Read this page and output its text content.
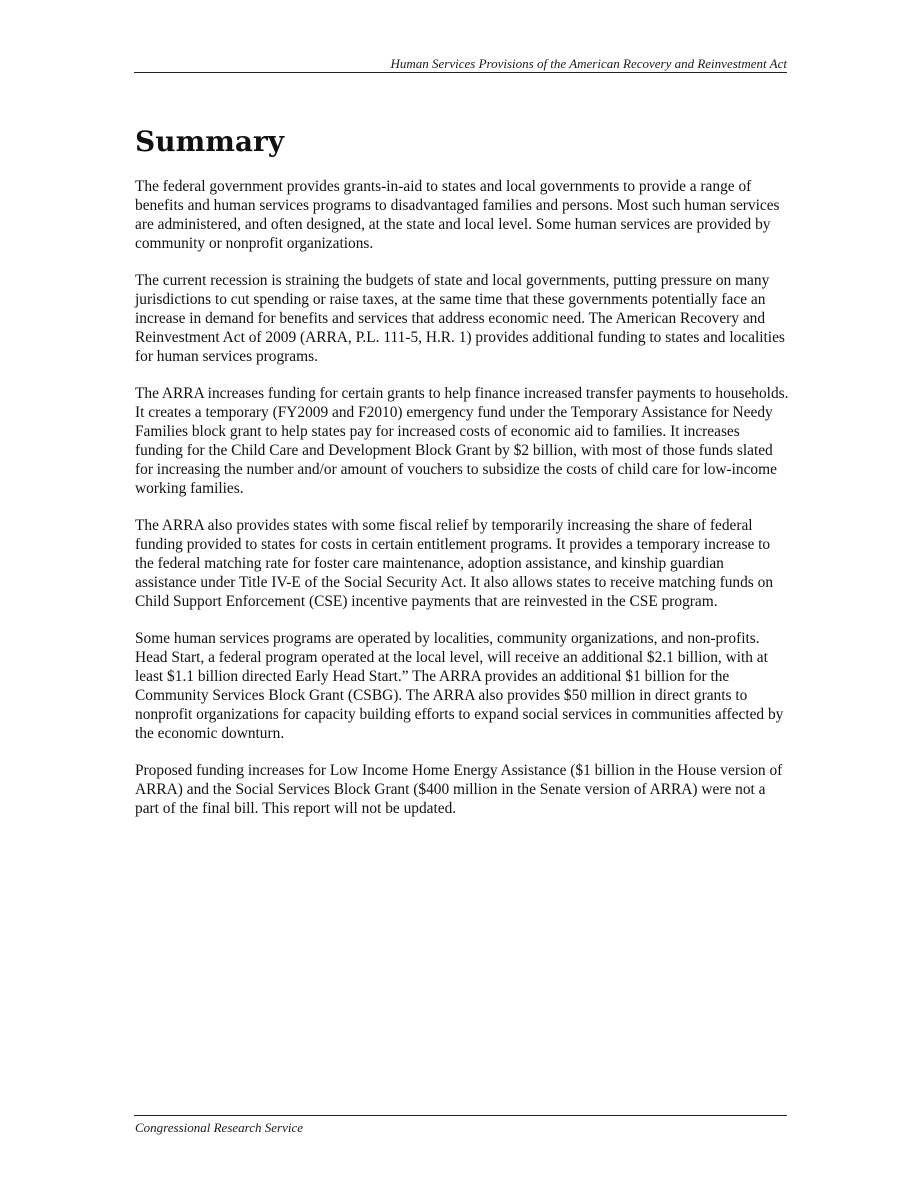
Human Services Provisions of the American Recovery and Reinvestment Act
Summary

The federal government provides grants-in-aid to states and local governments to provide a range of benefits and human services programs to disadvantaged families and persons. Most such human services are administered, and often designed, at the state and local level. Some human services are provided by community or nonprofit organizations.

The current recession is straining the budgets of state and local governments, putting pressure on many jurisdictions to cut spending or raise taxes, at the same time that these governments potentially face an increase in demand for benefits and services that address economic need. The American Recovery and Reinvestment Act of 2009 (ARRA, P.L. 111-5, H.R. 1) provides additional funding to states and localities for human services programs.

The ARRA increases funding for certain grants to help finance increased transfer payments to households. It creates a temporary (FY2009 and F2010) emergency fund under the Temporary Assistance for Needy Families block grant to help states pay for increased costs of economic aid to families. It increases funding for the Child Care and Development Block Grant by $2 billion, with most of those funds slated for increasing the number and/or amount of vouchers to subsidize the costs of child care for low-income working families.

The ARRA also provides states with some fiscal relief by temporarily increasing the share of federal funding provided to states for costs in certain entitlement programs. It provides a temporary increase to the federal matching rate for foster care maintenance, adoption assistance, and kinship guardian assistance under Title IV-E of the Social Security Act. It also allows states to receive matching funds on Child Support Enforcement (CSE) incentive payments that are reinvested in the CSE program.

Some human services programs are operated by localities, community organizations, and non-profits. Head Start, a federal program operated at the local level, will receive an additional $2.1 billion, with at least $1.1 billion directed Early Head Start.” The ARRA provides an additional $1 billion for the Community Services Block Grant (CSBG). The ARRA also provides $50 million in direct grants to nonprofit organizations for capacity building efforts to expand social services in communities affected by the economic downturn.

Proposed funding increases for Low Income Home Energy Assistance ($1 billion in the House version of ARRA) and the Social Services Block Grant ($400 million in the Senate version of ARRA) were not a part of the final bill. This report will not be updated.

Congressional Research Service
